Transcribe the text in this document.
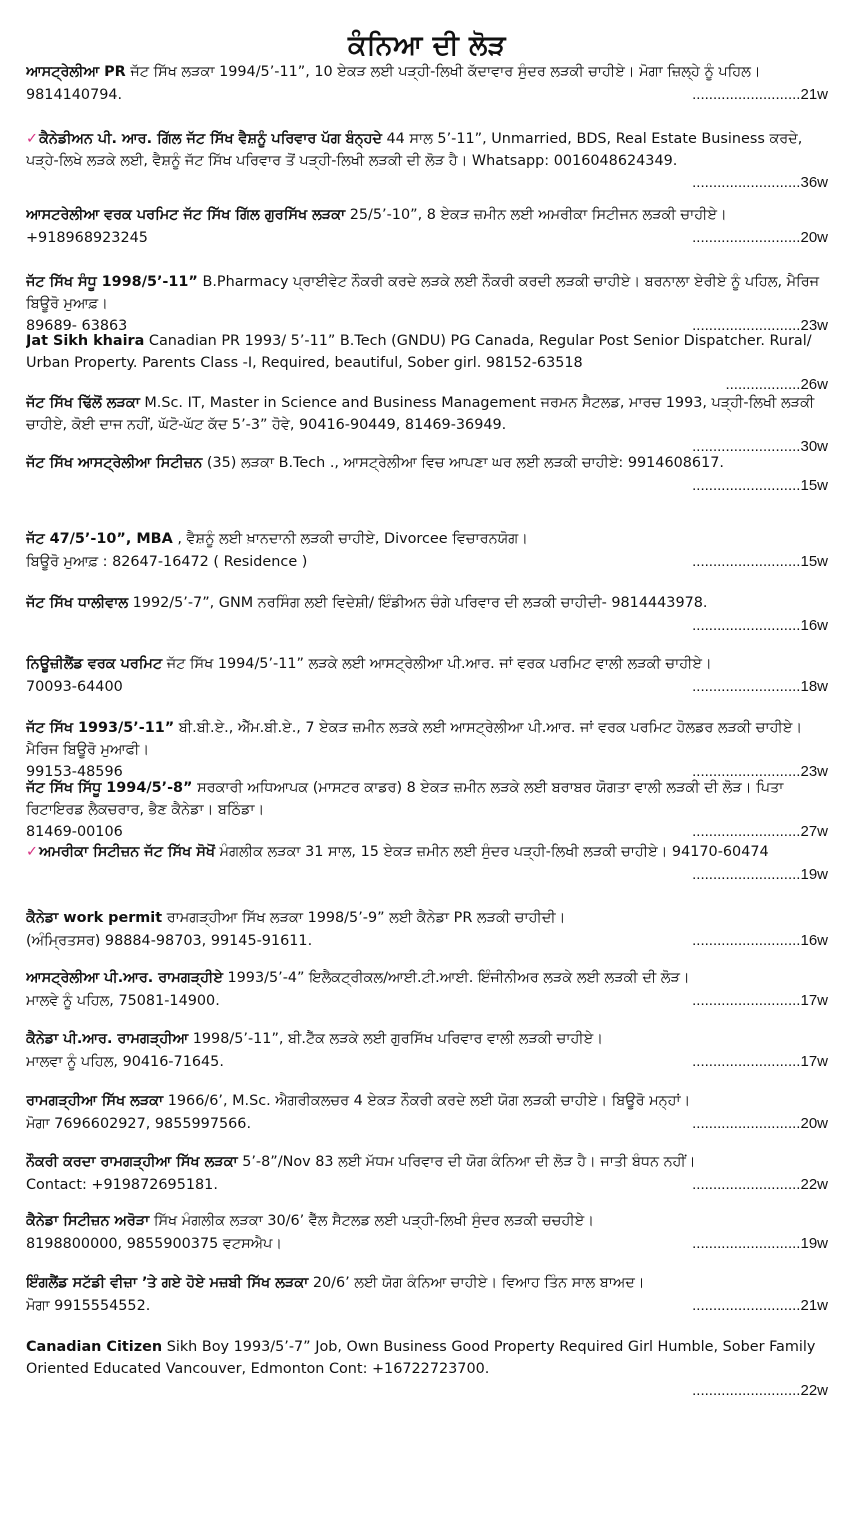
ਕੰਨਿਆ ਦੀ ਲੋੜ

ਆਸਟ੍ਰੇਲੀਆ PR ਜੱਟ ਸਿੱਖ ਲੜਕਾ 1994/5’-11”, 10 ਏਕੜ ਲਈ ਪੜ੍ਹੀ-ਲਿਖੀ ਕੱਦਾਵਾਰ ਸੁੰਦਰ ਲੜਕੀ ਚਾਹੀਏ। ਮੋਗਾ ਜ਼ਿਲ੍ਹੇ ਨੂੰ ਪਹਿਲ।

9814140794.	..........................21w

✓ਕੈਨੇਡੀਅਨ ਪੀ. ਆਰ. ਗਿੱਲ ਜੱਟ ਸਿੱਖ ਵੈਸ਼ਨੂੰ ਪਰਿਵਾਰ ਪੱਗ ਬੰਨ੍ਹਦੇ 44 ਸਾਲ 5’-11”, Unmarried, BDS, Real Estate Business ਕਰਦੇ, ਪੜ੍ਹੇ-ਲਿਖੇ ਲੜਕੇ ਲਈ, ਵੈਸ਼ਨੂੰ ਜੱਟ ਸਿੱਖ ਪਰਿਵਾਰ ਤੋਂ ਪੜ੍ਹੀ-ਲਿਖੀ ਲੜਕੀ ਦੀ ਲੋੜ ਹੈ। Whatsapp: 0016048624349.

..........................36w

ਆਸਟਰੇਲੀਆ ਵਰਕ ਪਰਮਿਟ ਜੱਟ ਸਿੱਖ ਗਿੱਲ ਗੁਰਸਿੱਖ ਲੜਕਾ 25/5’-10”, 8 ਏਕੜ ਜ਼ਮੀਨ ਲਈ ਅਮਰੀਕਾ ਸਿਟੀਜਨ ਲੜਕੀ ਚਾਹੀਏ।

+918968923245	..........................20w

ਜੱਟ ਸਿੱਖ ਸੰਧੂ 1998/5’-11” B.Pharmacy ਪ੍ਰਾਈਵੇਟ ਨੌਕਰੀ ਕਰਦੇ ਲੜਕੇ ਲਈ ਨੌਕਰੀ ਕਰਦੀ ਲੜਕੀ ਚਾਹੀਏ। ਬਰਨਾਲਾ ਏਰੀਏ ਨੂੰ ਪਹਿਲ, ਮੈਰਿਜ ਬਿਊਰੋ ਮੁਆਫ਼।

89689- 63863	..........................23w

Jat Sikh khaira Canadian PR 1993/ 5’-11” B.Tech (GNDU) PG Canada, Regular Post Senior Dispatcher. Rural/ Urban Property. Parents Class -I, Required, beautiful, Sober girl. 98152-63518

..................26w

ਜੱਟ ਸਿੱਖ ਢਿੱਲੋਂ ਲੜਕਾ M.Sc. IT, Master in Science and Business Management ਜਰਮਨ ਸੈਟਲਡ, ਮਾਰਚ 1993, ਪੜ੍ਹੀ-ਲਿਖੀ ਲੜਕੀ ਚਾਹੀਏ, ਕੋਈ ਦਾਜ ਨਹੀਂ, ਘੱਟੋ-ਘੱਟ ਕੱਦ 5’-3” ਹੋਵੇ, 90416-90449, 81469-36949.

..........................30w

ਜੱਟ ਸਿੱਖ ਆਸਟ੍ਰੇਲੀਆ ਸਿਟੀਜ਼ਨ (35) ਲੜਕਾ B.Tech ., ਆਸਟ੍ਰੇਲੀਆ ਵਿਚ ਆਪਣਾ ਘਰ ਲਈ ਲੜਕੀ ਚਾਹੀਏ: 9914608617.

..........................15w

ਜੱਟ 47/5’-10”, MBA , ਵੈਸ਼ਨੂੰ ਲਈ ਖ਼ਾਨਦਾਨੀ ਲੜਕੀ ਚਾਹੀਏ, Divorcee ਵਿਚਾਰਨਯੋਗ।

ਬਿਊਰੋ ਮੁਆਫ਼ : 82647-16472 ( Residence )	..........................15w

ਜੱਟ ਸਿੱਖ ਧਾਲੀਵਾਲ 1992/5’-7”, GNM ਨਰਸਿੰਗ ਲਈ ਵਿਦੇਸ਼ੀ/ ਇੰਡੀਅਨ ਚੰਗੇ ਪਰਿਵਾਰ ਦੀ ਲੜਕੀ ਚਾਹੀਦੀ- 9814443978.

..........................16w

ਨਿਊਜ਼ੀਲੈਂਡ ਵਰਕ ਪਰਮਿਟ ਜੱਟ ਸਿੱਖ 1994/5’-11” ਲੜਕੇ ਲਈ ਆਸਟ੍ਰੇਲੀਆ ਪੀ.ਆਰ. ਜਾਂ ਵਰਕ ਪਰਮਿਟ ਵਾਲੀ ਲੜਕੀ ਚਾਹੀਏ।

70093-64400	..........................18w

ਜੱਟ ਸਿੱਖ 1993/5’-11” ਬੀ.ਬੀ.ਏ., ਐੱਮ.ਬੀ.ਏ., 7 ਏਕੜ ਜ਼ਮੀਨ ਲੜਕੇ ਲਈ ਆਸਟ੍ਰੇਲੀਆ ਪੀ.ਆਰ. ਜਾਂ ਵਰਕ ਪਰਮਿਟ ਹੋਲਡਰ ਲੜਕੀ ਚਾਹੀਏ। ਮੈਰਿਜ ਬਿਊਰੋ ਮੁਆਫੀ।

99153-48596	..........................23w

ਜੱਟ ਸਿੱਖ ਸਿੱਧੂ 1994/5’-8” ਸਰਕਾਰੀ ਅਧਿਆਪਕ (ਮਾਸਟਰ ਕਾਡਰ) 8 ਏਕੜ ਜ਼ਮੀਨ ਲੜਕੇ ਲਈ ਬਰਾਬਰ ਯੋਗਤਾ ਵਾਲੀ ਲੜਕੀ ਦੀ ਲੋੜ। ਪਿਤਾ ਰਿਟਾਇਰਡ ਲੈਕਚਰਾਰ, ਭੈਣ ਕੈਨੇਡਾ। ਬਠਿੰਡਾ।

81469-00106	..........................27w

✓ਅਮਰੀਕਾ ਸਿਟੀਜ਼ਨ ਜੱਟ ਸਿੱਖ ਸੋਖੋਂ ਮੰਗਲੀਕ ਲੜਕਾ 31 ਸਾਲ, 15 ਏਕੜ ਜ਼ਮੀਨ ਲਈ ਸੁੰਦਰ ਪੜ੍ਹੀ-ਲਿਖੀ ਲੜਕੀ ਚਾਹੀਏ। 94170-60474

..........................19w

ਕੈਨੇਡਾ work permit ਰਾਮਗੜ੍ਹੀਆ ਸਿੱਖ ਲੜਕਾ 1998/5’-9” ਲਈ ਕੈਨੇਡਾ PR ਲੜਕੀ ਚਾਹੀਦੀ।

(ਅੰਮ੍ਰਿਤਸਰ) 98884-98703, 99145-91611.	..........................16w

ਆਸਟ੍ਰੇਲੀਆ ਪੀ.ਆਰ. ਰਾਮਗੜ੍ਹੀਏ 1993/5’-4” ਇਲੈਕਟ੍ਰੀਕਲ/ਆਈ.ਟੀ.ਆਈ. ਇੰਜੀਨੀਅਰ ਲੜਕੇ ਲਈ ਲੜਕੀ ਦੀ ਲੋੜ।

ਮਾਲਵੇ ਨੂੰ ਪਹਿਲ, 75081-14900.	..........................17w

ਕੈਨੇਡਾ ਪੀ.ਆਰ. ਰਾਮਗੜ੍ਹੀਆ 1998/5’-11”, ਬੀ.ਟੈੱਕ ਲੜਕੇ ਲਈ ਗੁਰਸਿੱਖ ਪਰਿਵਾਰ ਵਾਲੀ ਲੜਕੀ ਚਾਹੀਏ।

ਮਾਲਵਾ ਨੂੰ ਪਹਿਲ, 90416-71645.	..........................17w

ਰਾਮਗੜ੍ਹੀਆ ਸਿੱਖ ਲੜਕਾ 1966/6’, M.Sc. ਐਗਰੀਕਲਚਰ 4 ਏਕੜ ਨੌਕਰੀ ਕਰਦੇ ਲਈ ਯੋਗ ਲੜਕੀ ਚਾਹੀਏ। ਬਿਊਰੋ ਮਨ੍ਹਾਂ।

ਮੋਗਾ 7696602927, 9855997566.	..........................20w

ਨੌਕਰੀ ਕਰਦਾ ਰਾਮਗੜ੍ਹੀਆ ਸਿੱਖ ਲੜਕਾ 5’-8”/Nov 83 ਲਈ ਮੱਧਮ ਪਰਿਵਾਰ ਦੀ ਯੋਗ ਕੰਨਿਆ ਦੀ ਲੋੜ ਹੈ। ਜਾਤੀ ਬੰਧਨ ਨਹੀਂ।

Contact: +919872695181.	..........................22w

ਕੈਨੇਡਾ ਸਿਟੀਜ਼ਨ ਅਰੋੜਾ ਸਿੱਖ ਮੰਗਲੀਕ ਲੜਕਾ 30/6’ ਵੈੱਲ ਸੈਟਲਡ ਲਈ ਪੜ੍ਹੀ-ਲਿਖੀ ਸੁੰਦਰ ਲੜਕੀ ਚਚਹੀਏ।

8198800000, 9855900375 ਵਟਸਐਪ।	..........................19w

ਇੰਗਲੈਂਡ ਸਟੱਡੀ ਵੀਜ਼ਾ ’ਤੇ ਗਏ ਹੋਏ ਮਜ਼ਬੀ ਸਿੱਖ ਲੜਕਾ 20/6’ ਲਈ ਯੋਗ ਕੰਨਿਆ ਚਾਹੀਏ। ਵਿਆਹ ਤਿੰਨ ਸਾਲ ਬਾਅਦ।

ਮੋਗਾ 9915554552.	..........................21w

Canadian Citizen Sikh Boy 1993/5’-7” Job, Own Business Good Property Required Girl Humble, Sober Family Oriented Educated Vancouver, Edmonton Cont: +16722723700.

..........................22w
